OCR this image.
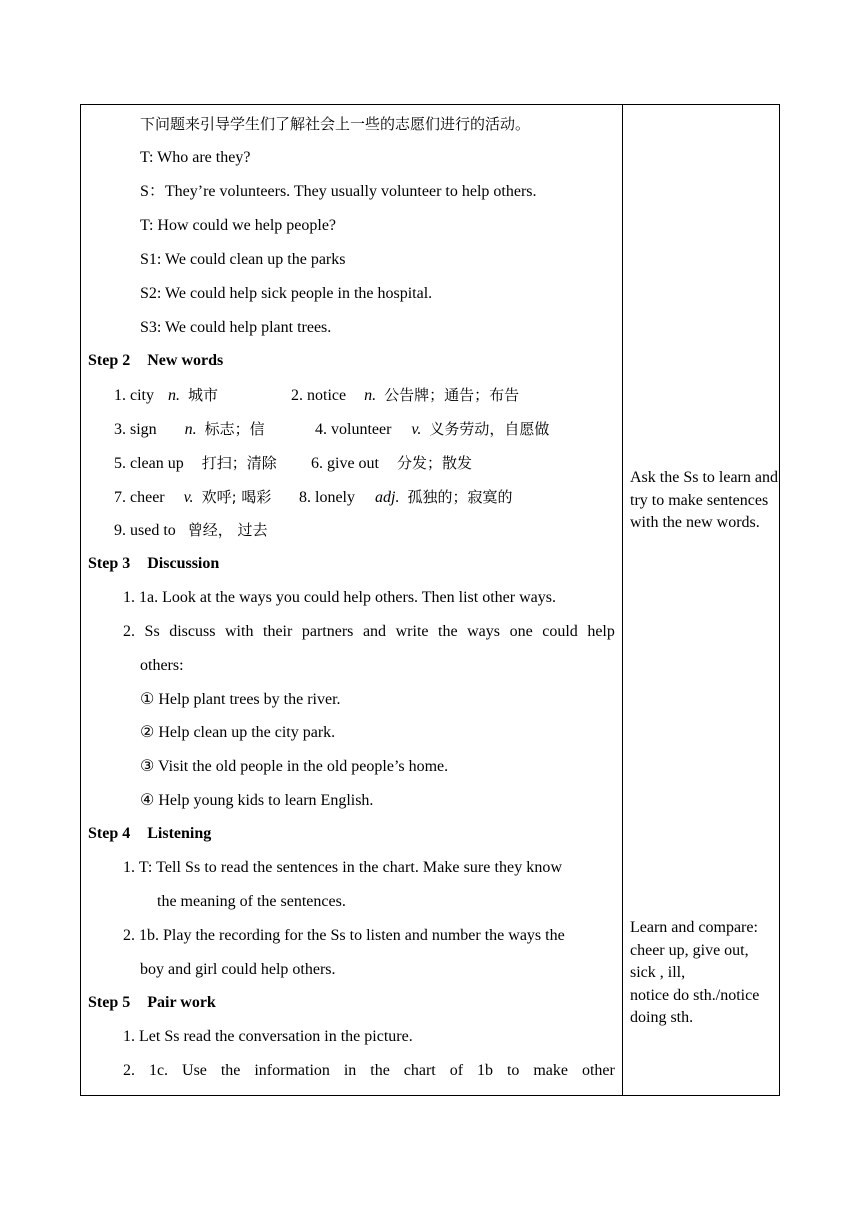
下问题来引导学生们了解社会上一些的志愿们进行的活动。
T: Who are they?
S：They’re volunteers. They usually volunteer to help others.
T: How could we help people?
S1: We could clean up the parks
S2: We could help sick people in the hospital.
S3: We could help plant trees.
Step 2 New words
1. city n. 城市	2. notice n. 公告牌；通告；布告
3. sign n. 标志；信	4. volunteer v. 义务劳动，自愿做
5. clean up 打扫；清除 6. give out 分发；散发
7. cheer v. 欢呼; 喝彩 8. lonely adj. 孤独的；寂寞的
9. used to 曾经， 过去
Step 3 Discussion
1. 1a. Look at the ways you could help others. Then list other ways.
2. Ss discuss with their partners and write the ways one could help
others:
① Help plant trees by the river.
② Help clean up the city park.
③ Visit the old people in the old people’s home.
④ Help young kids to learn English.
Step 4 Listening
1. T: Tell Ss to read the sentences in the chart. Make sure they know
the meaning of the sentences.
2. 1b. Play the recording for the Ss to listen and number the ways the
boy and girl could help others.
Step 5 Pair work
1. Let Ss read the conversation in the picture.
2. 1c. Use the information in the chart of 1b to make other
Ask the Ss to learn and try to make sentences with the new words.
Learn and compare:
cheer up, give out,
sick , ill,
notice do sth./notice doing sth.
